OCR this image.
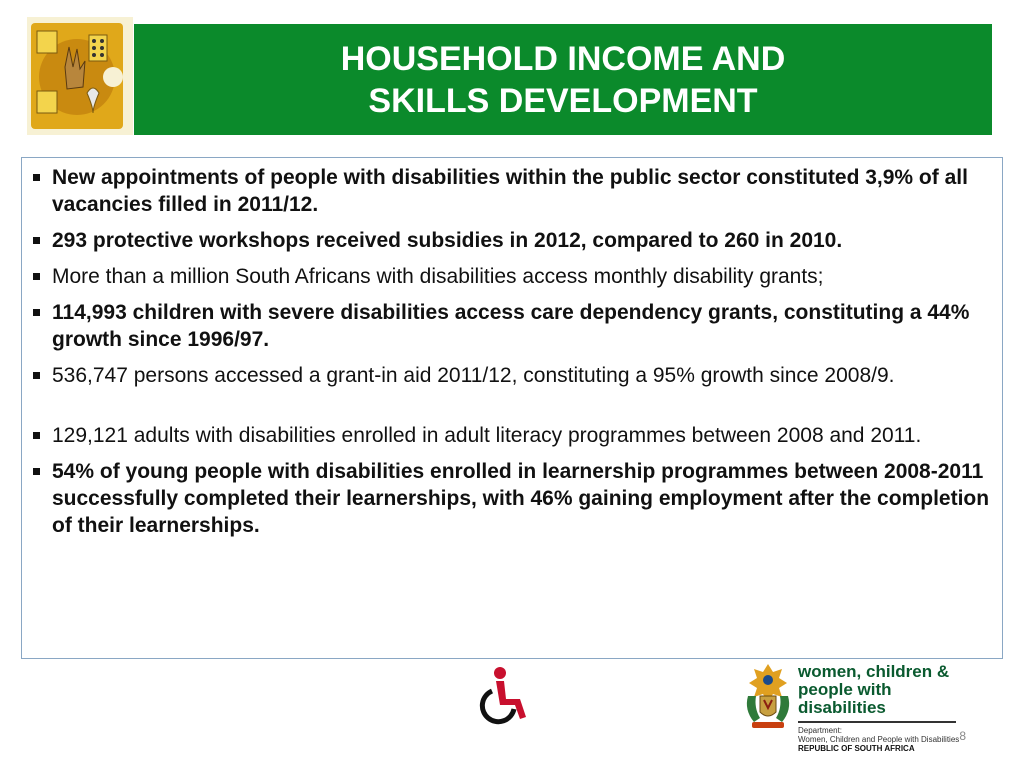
HOUSEHOLD INCOME AND
SKILLS DEVELOPMENT
New appointments of people with disabilities within the public sector constituted 3,9% of all vacancies filled in 2011/12.
293 protective workshops received subsidies in 2012, compared to 260 in 2010.
More than a million South Africans with disabilities access monthly disability grants;
114,993 children with severe disabilities access care dependency grants, constituting a 44% growth since 1996/97.
536,747 persons accessed a grant-in aid 2011/12, constituting a 95% growth since 2008/9.
129,121 adults with disabilities enrolled in adult literacy programmes between 2008 and 2011.
54% of young people with disabilities enrolled in learnership programmes between 2008-2011 successfully completed their learnerships, with 46% gaining employment after the completion of their learnerships.

women, children &

people with disabilities

Department:

Women, Children and People with Disabilities

REPUBLIC OF SOUTH AFRICA

8
